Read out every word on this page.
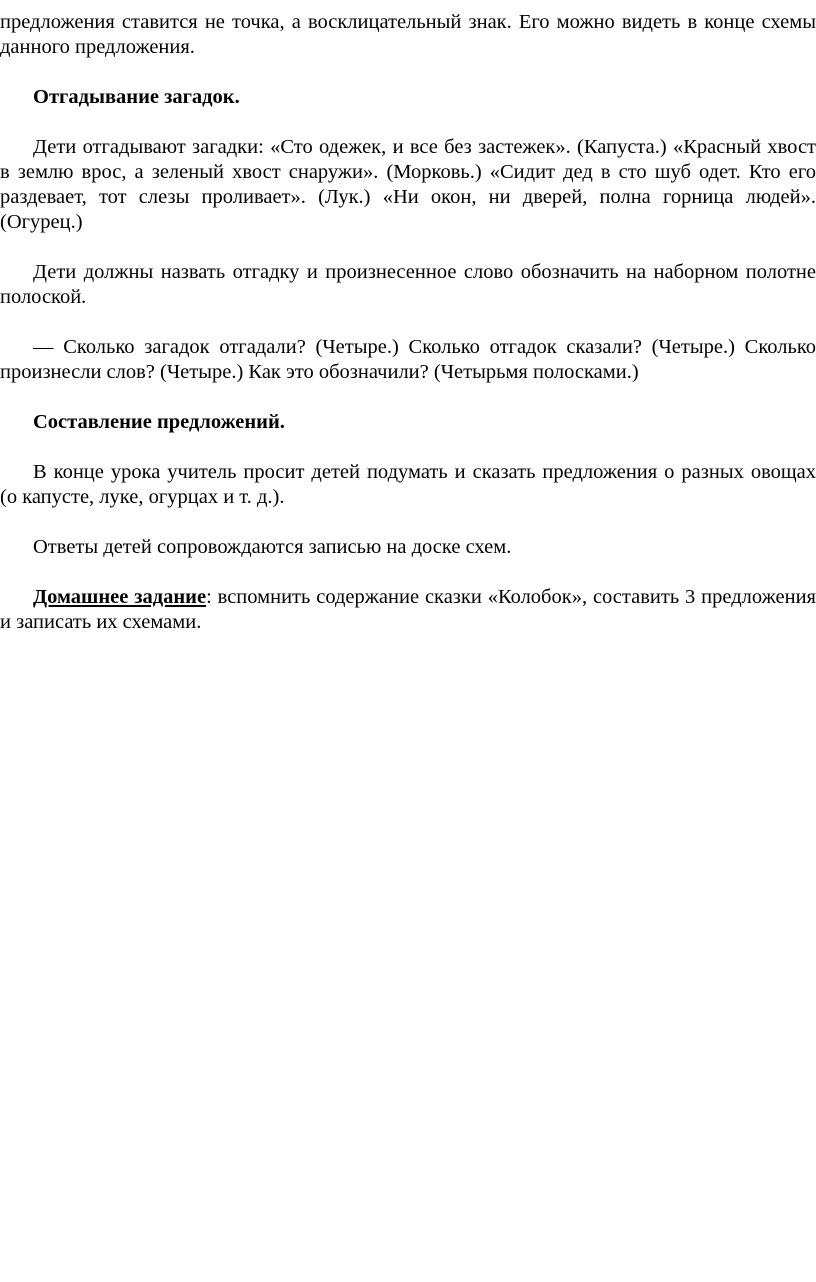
предложения ставится не точка, а восклицательный знак. Его можно видеть в конце схемы данного предложения.

Отгадывание загадок.

Дети отгадывают загадки: «Сто одежек, и все без застежек». (Капуста.) «Красный хвост в землю врос, а зеленый хвост снаружи». (Морковь.) «Сидит дед в сто шуб одет. Кто его раздевает, тот слезы проливает». (Лук.) «Ни окон, ни дверей, полна горница людей». (Огурец.)

Дети должны назвать отгадку и произнесенное слово обозначить на наборном полотне полоской.

— Сколько загадок отгадали? (Четыре.) Сколько отгадок сказали? (Четыре.) Сколько произнесли слов? (Четыре.) Как это обозначили? (Четырьмя полосками.)

Составление предложений.

В конце урока учитель просит детей подумать и сказать предложения о разных овощах (о капусте, луке, огурцах и т. д.).

Ответы детей сопровождаются записью на доске схем.

Домашнее задание: вспомнить содержание сказки «Колобок», составить 3 предложения и записать их схемами.
